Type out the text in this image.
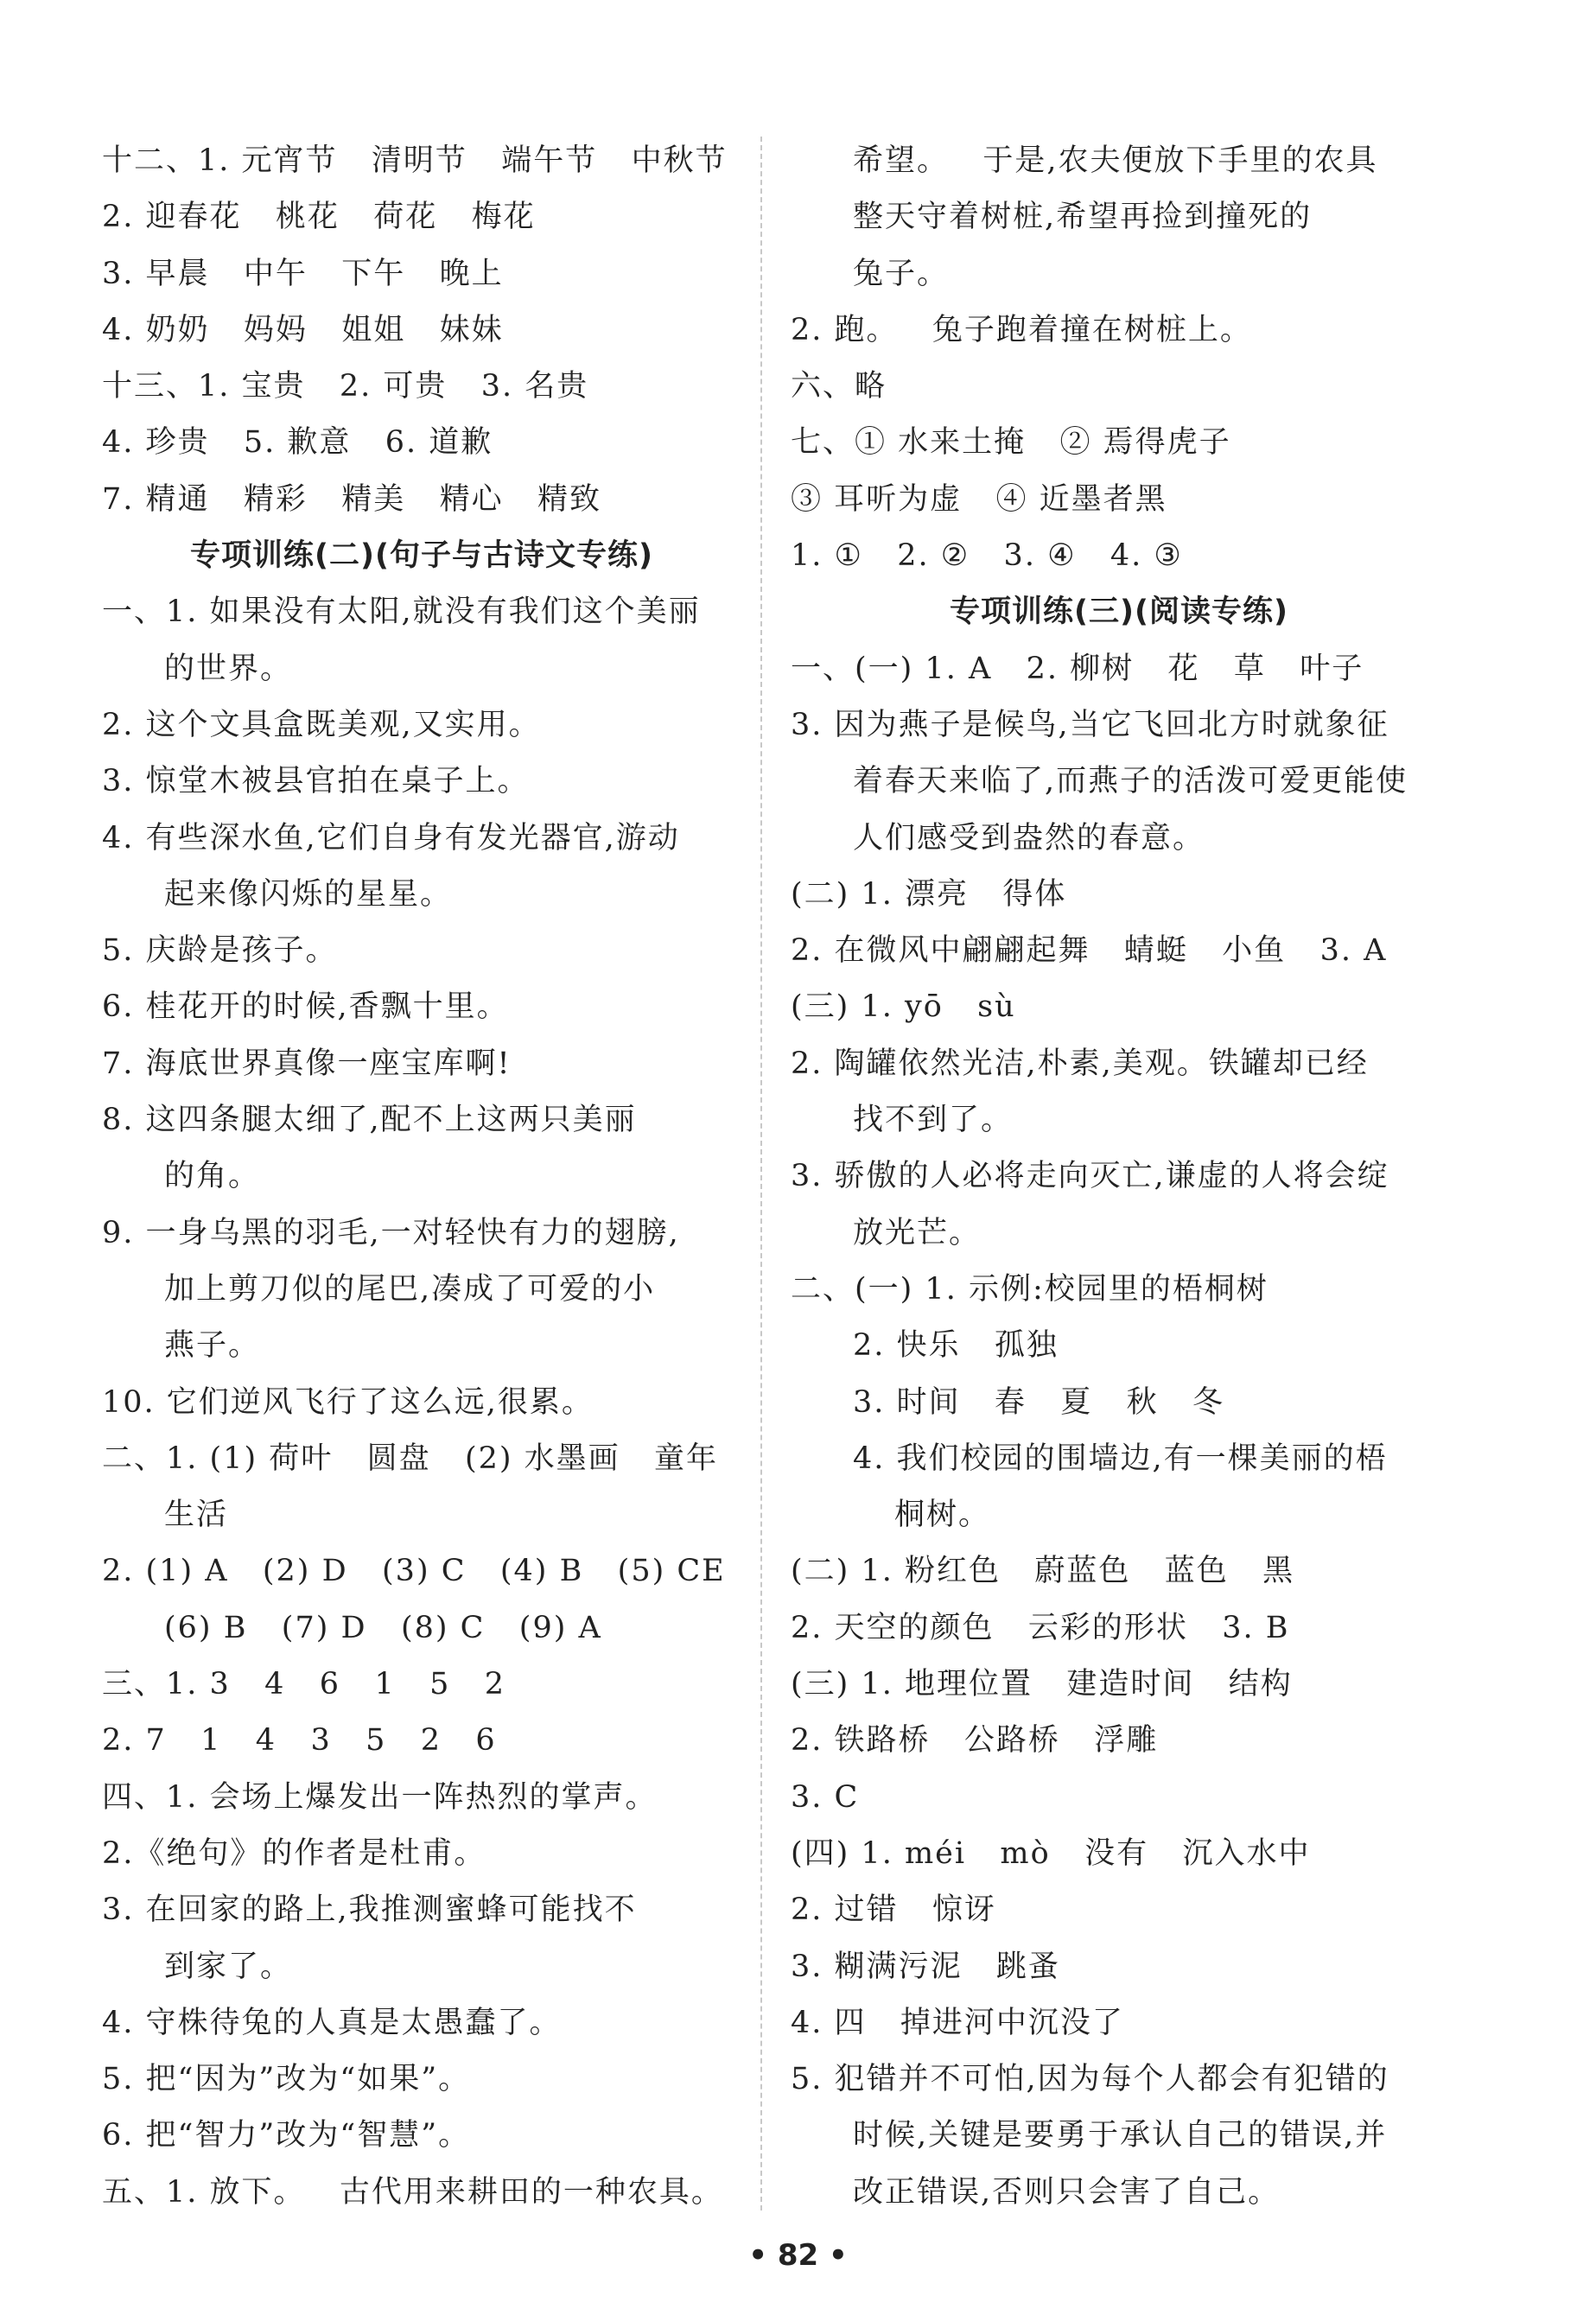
十二、1. 元宵节   清明节   端午节   中秋节
2. 迎春花   桃花   荷花   梅花
3. 早晨   中午   下午   晚上
4. 奶奶   妈妈   姐姐   妹妹
十三、1. 宝贵   2. 可贵   3. 名贵
4. 珍贵   5. 歉意   6. 道歉
7. 精通   精彩   精美   精心   精致
专项训练(二)(句子与古诗文专练)
一、1. 如果没有太阳,就没有我们这个美丽
的世界。
2. 这个文具盒既美观,又实用。
3. 惊堂木被县官拍在桌子上。
4. 有些深水鱼,它们自身有发光器官,游动
起来像闪烁的星星。
5. 庆龄是孩子。
6. 桂花开的时候,香飘十里。
7. 海底世界真像一座宝库啊!
8. 这四条腿太细了,配不上这两只美丽
的角。
9. 一身乌黑的羽毛,一对轻快有力的翅膀,
加上剪刀似的尾巴,凑成了可爱的小
燕子。
10. 它们逆风飞行了这么远,很累。
二、1. (1) 荷叶   圆盘   (2) 水墨画   童年
生活
2. (1) A   (2) D   (3) C   (4) B   (5) CE
(6) B   (7) D   (8) C   (9) A
三、1. 3   4   6   1   5   2
2. 7   1   4   3   5   2   6
四、1. 会场上爆发出一阵热烈的掌声。
2.《绝句》的作者是杜甫。
3. 在回家的路上,我推测蜜蜂可能找不
到家了。
4. 守株待兔的人真是太愚蠢了。
5. 把“因为”改为“如果”。
6. 把“智力”改为“智慧”。
五、1. 放下。   古代用来耕田的一种农具。
希望。   于是,农夫便放下手里的农具
整天守着树桩,希望再捡到撞死的
兔子。
2. 跑。   兔子跑着撞在树桩上。
六、略
七、① 水来土掩   ② 焉得虎子
③ 耳听为虚   ④ 近墨者黑
1. ①   2. ②   3. ④   4. ③
专项训练(三)(阅读专练)
一、(一) 1. A   2. 柳树   花   草   叶子
3. 因为燕子是候鸟,当它飞回北方时就象征
着春天来临了,而燕子的活泼可爱更能使
人们感受到盎然的春意。
(二) 1. 漂亮   得体
2. 在微风中翩翩起舞   蜻蜓   小鱼   3. A
(三) 1. yō   sù
2. 陶罐依然光洁,朴素,美观。铁罐却已经
找不到了。
3. 骄傲的人必将走向灭亡,谦虚的人将会绽
放光芒。
二、(一) 1. 示例:校园里的梧桐树
2. 快乐   孤独
3. 时间   春   夏   秋   冬
4. 我们校园的围墙边,有一棵美丽的梧
桐树。
(二) 1. 粉红色   蔚蓝色   蓝色   黑
2. 天空的颜色   云彩的形状   3. B
(三) 1. 地理位置   建造时间   结构
2. 铁路桥   公路桥   浮雕
3. C
(四) 1. méi   mò   没有   沉入水中
2. 过错   惊讶
3. 糊满污泥   跳蚤
4. 四   掉进河中沉没了
5. 犯错并不可怕,因为每个人都会有犯错的
时候,关键是要勇于承认自己的错误,并
改正错误,否则只会害了自己。
• 82 •
